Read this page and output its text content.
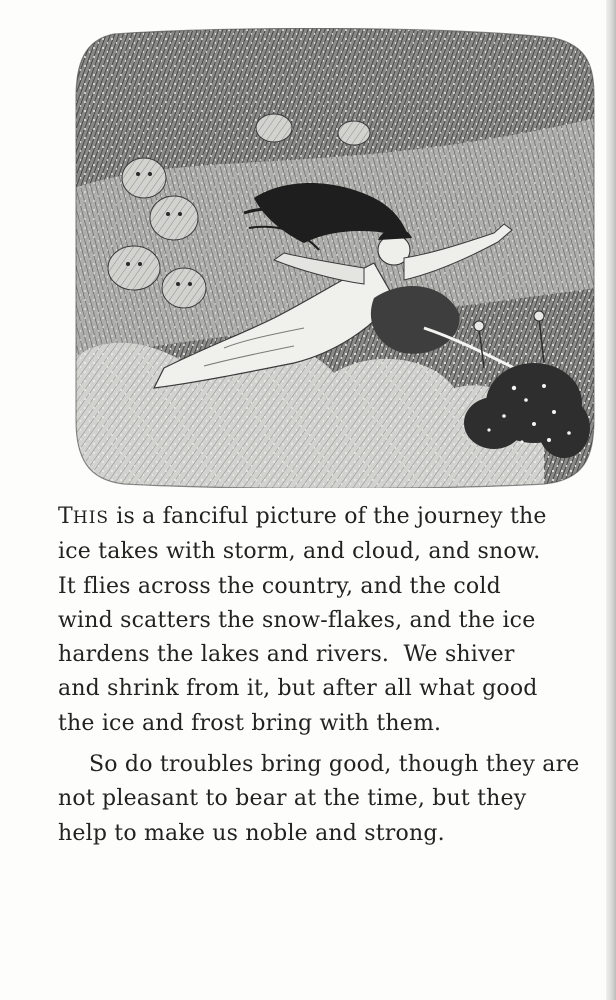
THIS is a fanciful picture of the journey the
ice takes with storm, and cloud, and snow.
It flies across the country, and the cold
wind scatters the snow-flakes, and the ice
hardens the lakes and rivers.  We shiver
and shrink from it, but after all what good
the ice and frost bring with them.

So do troubles bring good, though they are
not pleasant to bear at the time, but they
help to make us noble and strong.
